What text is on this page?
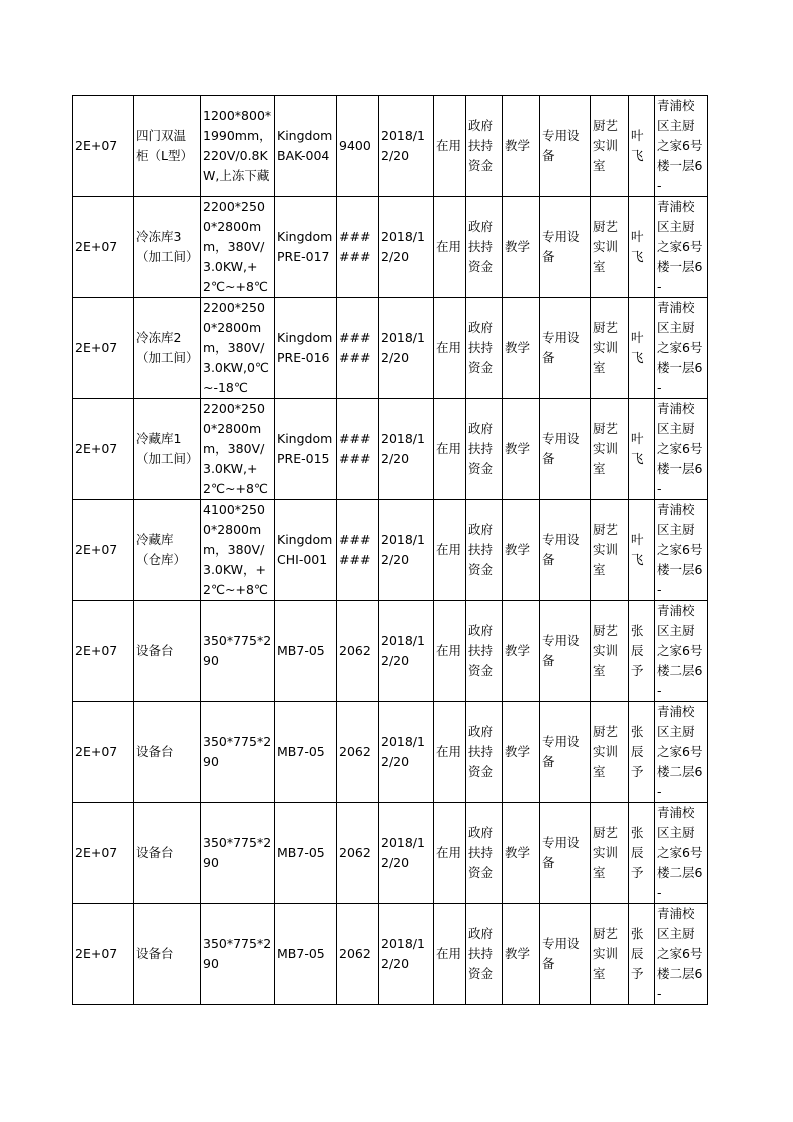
2E+07	四门双温柜（L型）	1200*800*1990mm，220V/0.8KW,上冻下藏	Kingdom BAK-004	9400	2018/12/20	在用	政府扶持资金	教学	专用设备	厨艺实训室	叶飞	青浦校区主厨之家6号楼一层6-
2E+07	冷冻库3（加工间）	2200*2500*2800mm，380V/3.0KW,+2℃~+8℃	Kingdom PRE-017	######	2018/12/20	在用	政府扶持资金	教学	专用设备	厨艺实训室	叶飞	青浦校区主厨之家6号楼一层6-
2E+07	冷冻库2（加工间）	2200*2500*2800mm，380V/3.0KW,0℃~-18℃	Kingdom PRE-016	######	2018/12/20	在用	政府扶持资金	教学	专用设备	厨艺实训室	叶飞	青浦校区主厨之家6号楼一层6-
2E+07	冷藏库1（加工间）	2200*2500*2800mm，380V/3.0KW,+2℃~+8℃	Kingdom PRE-015	######	2018/12/20	在用	政府扶持资金	教学	专用设备	厨艺实训室	叶飞	青浦校区主厨之家6号楼一层6-
2E+07	冷藏库（仓库）	4100*2500*2800mm，380V/3.0KW，+2℃~+8℃	Kingdom CHI-001	######	2018/12/20	在用	政府扶持资金	教学	专用设备	厨艺实训室	叶飞	青浦校区主厨之家6号楼一层6-
2E+07	设备台	350*775*290	MB7-05	2062	2018/12/20	在用	政府扶持资金	教学	专用设备	厨艺实训室	张辰予	青浦校区主厨之家6号楼二层6-
2E+07	设备台	350*775*290	MB7-05	2062	2018/12/20	在用	政府扶持资金	教学	专用设备	厨艺实训室	张辰予	青浦校区主厨之家6号楼二层6-
2E+07	设备台	350*775*290	MB7-05	2062	2018/12/20	在用	政府扶持资金	教学	专用设备	厨艺实训室	张辰予	青浦校区主厨之家6号楼二层6-
2E+07	设备台	350*775*290	MB7-05	2062	2018/12/20	在用	政府扶持资金	教学	专用设备	厨艺实训室	张辰予	青浦校区主厨之家6号楼二层6-
